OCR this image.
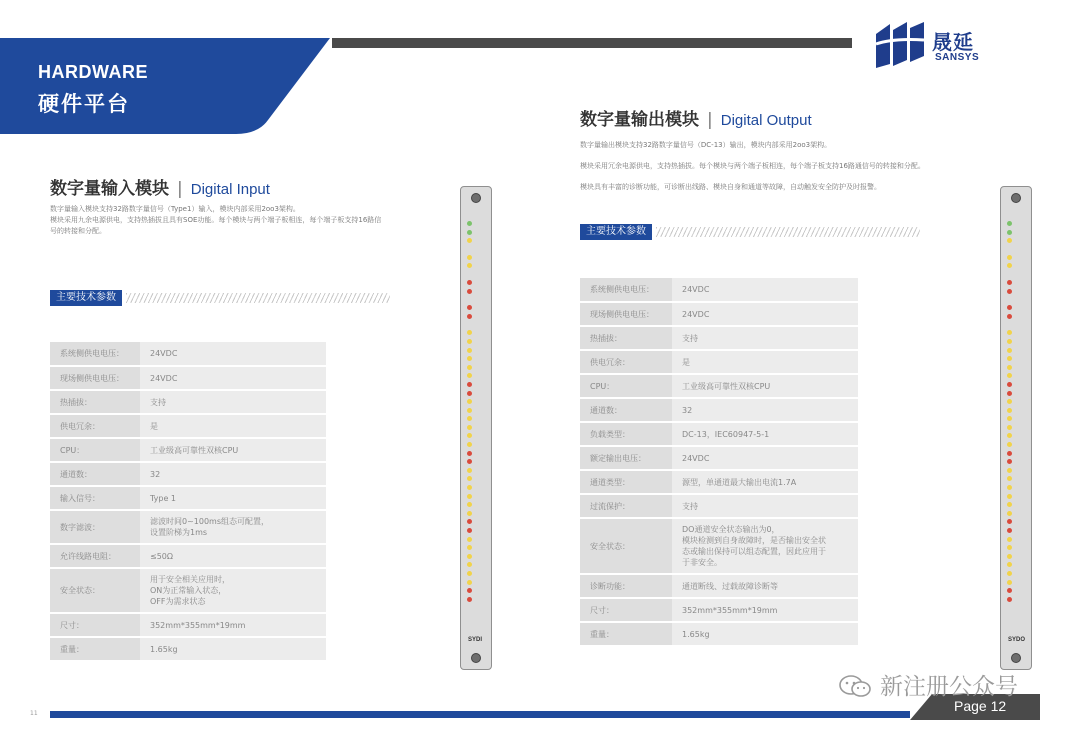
HARDWARE
硬件平台
晟延
SANSYS
数字量输入模块 | Digital Input
数字量输入模块支持32路数字量信号（Type1）输入，模块内部采用2oo3架构。
模块采用九余电源供电，支持热插拔且具有SOE功能。每个模块与两个端子板相连，每个端子板支持16路信
号的转接和分配。
主要技术参数
系统侧供电电压：	24VDC

现场侧供电电压：	24VDC

热插拔：	支持

供电冗余：	是

CPU：	工业级高可靠性双核CPU

通道数：	32

输入信号：	Type 1

数字滤波：	滤波时间0~100ms组态可配置，
设置阶梯为1ms

允许线路电阻：	≤50Ω

安全状态：	用于安全相关应用时，
ON为正常输入状态，
OFF为需求状态

尺寸：	352mm*355mm*19mm

重量：	1.65kg
SYDI
数字量输出模块 | Digital Output
数字量输出模块支持32路数字量信号（DC-13）输出，模块内部采用2oo3架构。
模块采用冗余电源供电，支持热插拔。每个模块与两个端子板相连，每个端子板支持16路通信号的转接和分配。
模块具有丰富的诊断功能，可诊断出线路、模块自身和通道等故障，自动触发安全防护及时报警。
主要技术参数
系统侧供电电压：	24VDC

现场侧供电电压：	24VDC

热插拔：	支持

供电冗余：	是

CPU：	工业级高可靠性双核CPU

通道数：	32

负载类型：	DC-13，IEC60947-5-1

额定输出电压：	24VDC

通道类型：	源型，单通道最大输出电流1.7A

过流保护：	支持

安全状态：	DO通道安全状态输出为0，
模块检测到自身故障时，是否输出安全状
态或输出保持可以组态配置，因此应用于
于非安全。

诊断功能：	通道断线、过载故障诊断等

尺寸：	352mm*355mm*19mm

重量：	1.65kg
SYDO
11	Page 12
新注册公众号
